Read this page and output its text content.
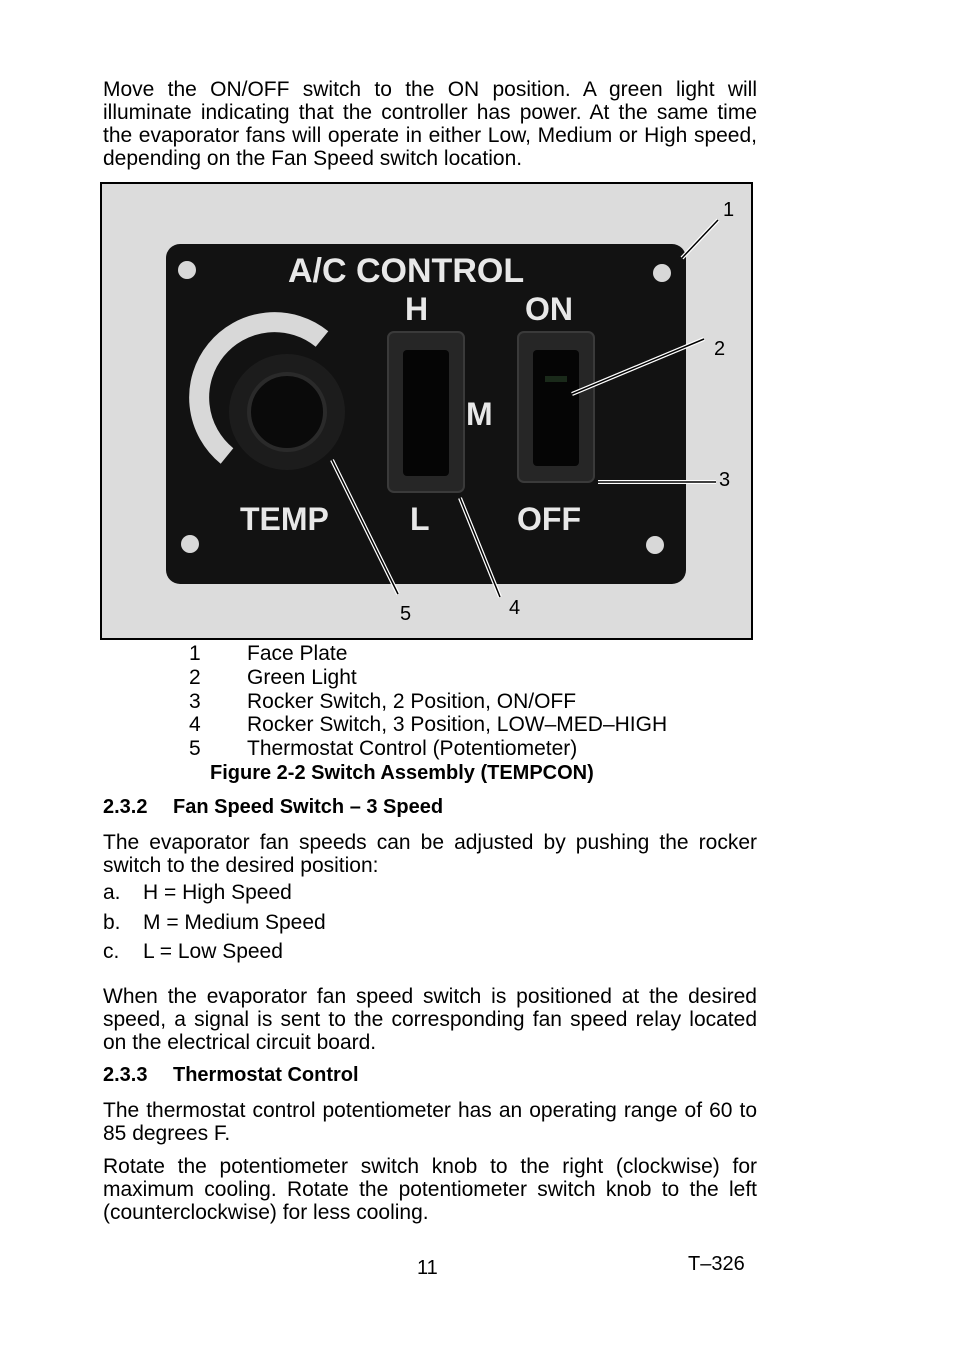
Move the ON/OFF switch to the ON position. A green light will illuminate indicating that the controller has power. At the same time the evaporator fans will operate in either Low, Medium or High speed, depending on the Fan Speed switch location.

A/C CONTROL
H	ON
M
TEMP	L	OFF
1
2
3
4
5
1	Face Plate
2	Green Light
3	Rocker Switch, 2 Position, ON/OFF
4	Rocker Switch, 3 Position, LOW–MED–HIGH
5	Thermostat Control (Potentiometer)
Figure 2-2 Switch Assembly (TEMPCON)
2.3.2 Fan Speed Switch – 3 Speed

The evaporator fan speeds can be adjusted by pushing the rocker switch to the desired position:

a.	H = High Speed
b.	M = Medium Speed
c.	L = Low Speed

When the evaporator fan speed switch is positioned at the desired speed, a signal is sent to the corresponding fan speed relay located on the electrical circuit board.

2.3.3 Thermostat Control

The thermostat control potentiometer has an operating range of 60 to 85 degrees F.

Rotate the potentiometer switch knob to the right (clockwise) for maximum cooling. Rotate the potentiometer switch knob to the left (counterclockwise) for less cooling.

11	T–326
